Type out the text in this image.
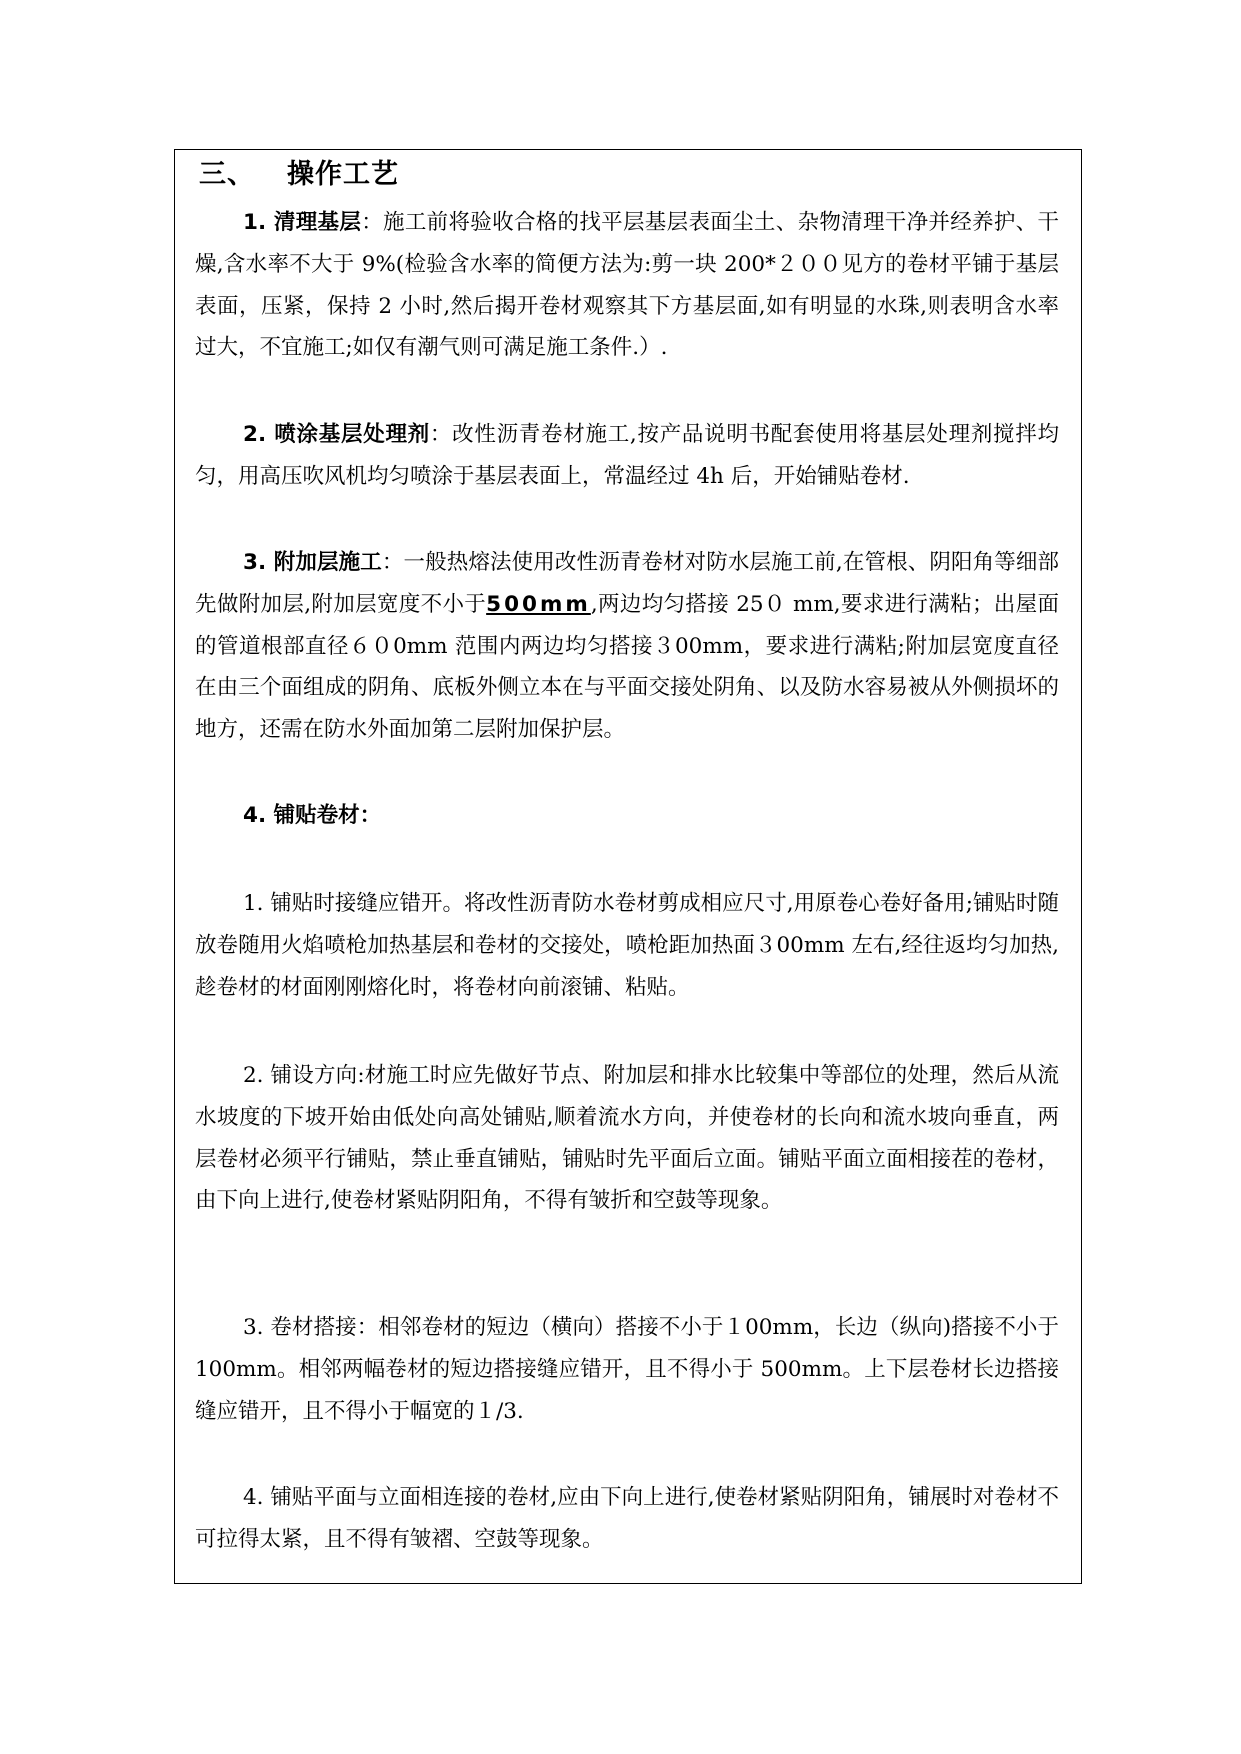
三、 操作工艺

1. 清理基层：施工前将验收合格的找平层基层表面尘土、杂物清理干净并经养护、干燥,含水率不大于 9%(检验含水率的简便方法为:剪一块 200*２００见方的卷材平铺于基层表面，压紧，保持 2 小时,然后揭开卷材观察其下方基层面,如有明显的水珠,则表明含水率过大，不宜施工;如仅有潮气则可满足施工条件.）.

2. 喷涂基层处理剂：改性沥青卷材施工,按产品说明书配套使用将基层处理剂搅拌均匀，用高压吹风机均匀喷涂于基层表面上，常温经过 4h 后，开始铺贴卷材.

3. 附加层施工：一般热熔法使用改性沥青卷材对防水层施工前,在管根、阴阳角等细部先做附加层,附加层宽度不小于500mm,两边均匀搭接 25０ mm,要求进行满粘；出屋面的管道根部直径６０0mm 范围内两边均匀搭接３00mm，要求进行满粘;附加层宽度直径在由三个面组成的阴角、底板外侧立本在与平面交接处阴角、以及防水容易被从外侧损坏的地方，还需在防水外面加第二层附加保护层。

4. 铺贴卷材：

1. 铺贴时接缝应错开。将改性沥青防水卷材剪成相应尺寸,用原卷心卷好备用;铺贴时随放卷随用火焰喷枪加热基层和卷材的交接处，喷枪距加热面３00mm 左右,经往返均匀加热,趁卷材的材面刚刚熔化时，将卷材向前滚铺、粘贴。

2. 铺设方向:材施工时应先做好节点、附加层和排水比较集中等部位的处理，然后从流水坡度的下坡开始由低处向高处铺贴,顺着流水方向，并使卷材的长向和流水坡向垂直，两层卷材必须平行铺贴，禁止垂直铺贴，铺贴时先平面后立面。铺贴平面立面相接茬的卷材，由下向上进行,使卷材紧贴阴阳角，不得有皱折和空鼓等现象。

3. 卷材搭接：相邻卷材的短边（横向）搭接不小于１00mm，长边（纵向)搭接不小于 100mm。相邻两幅卷材的短边搭接缝应错开，且不得小于 500mm。上下层卷材长边搭接缝应错开，且不得小于幅宽的１/3.

4. 铺贴平面与立面相连接的卷材,应由下向上进行,使卷材紧贴阴阳角，铺展时对卷材不可拉得太紧，且不得有皱褶、空鼓等现象。
